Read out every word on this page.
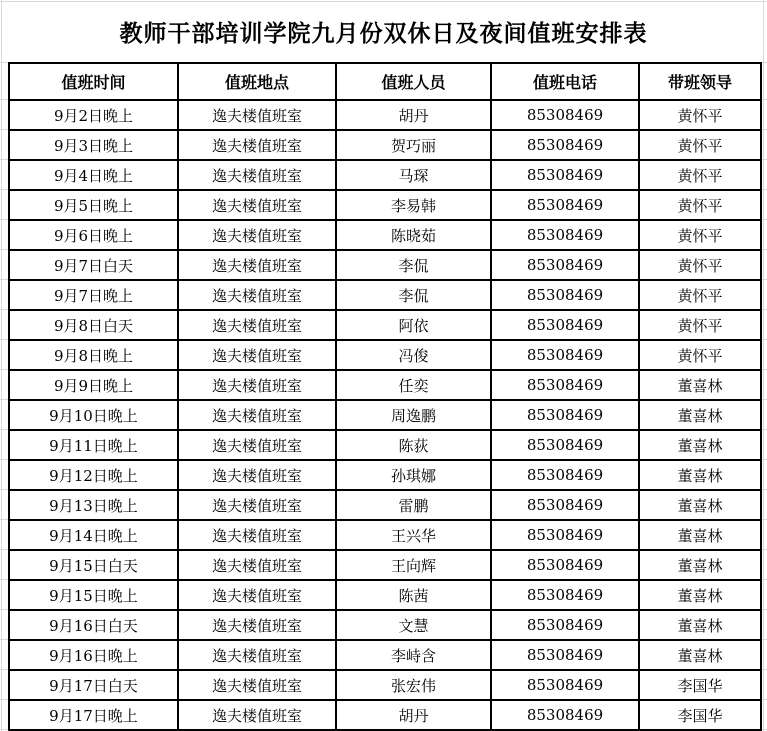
教师干部培训学院九月份双休日及夜间值班安排表
值班时间	值班地点	值班人员	值班电话	带班领导
9月2日晚上	逸夫楼值班室	胡丹	85308469	黄怀平
9月3日晚上	逸夫楼值班室	贺巧丽	85308469	黄怀平
9月4日晚上	逸夫楼值班室	马琛	85308469	黄怀平
9月5日晚上	逸夫楼值班室	李易韩	85308469	黄怀平
9月6日晚上	逸夫楼值班室	陈晓茹	85308469	黄怀平
9月7日白天	逸夫楼值班室	李侃	85308469	黄怀平
9月7日晚上	逸夫楼值班室	李侃	85308469	黄怀平
9月8日白天	逸夫楼值班室	阿依	85308469	黄怀平
9月8日晚上	逸夫楼值班室	冯俊	85308469	黄怀平
9月9日晚上	逸夫楼值班室	任奕	85308469	董喜林
9月10日晚上	逸夫楼值班室	周逸鹏	85308469	董喜林
9月11日晚上	逸夫楼值班室	陈荻	85308469	董喜林
9月12日晚上	逸夫楼值班室	孙琪娜	85308469	董喜林
9月13日晚上	逸夫楼值班室	雷鹏	85308469	董喜林
9月14日晚上	逸夫楼值班室	王兴华	85308469	董喜林
9月15日白天	逸夫楼值班室	王向辉	85308469	董喜林
9月15日晚上	逸夫楼值班室	陈茜	85308469	董喜林
9月16日白天	逸夫楼值班室	文慧	85308469	董喜林
9月16日晚上	逸夫楼值班室	李峙含	85308469	董喜林
9月17日白天	逸夫楼值班室	张宏伟	85308469	李国华
9月17日晚上	逸夫楼值班室	胡丹	85308469	李国华
